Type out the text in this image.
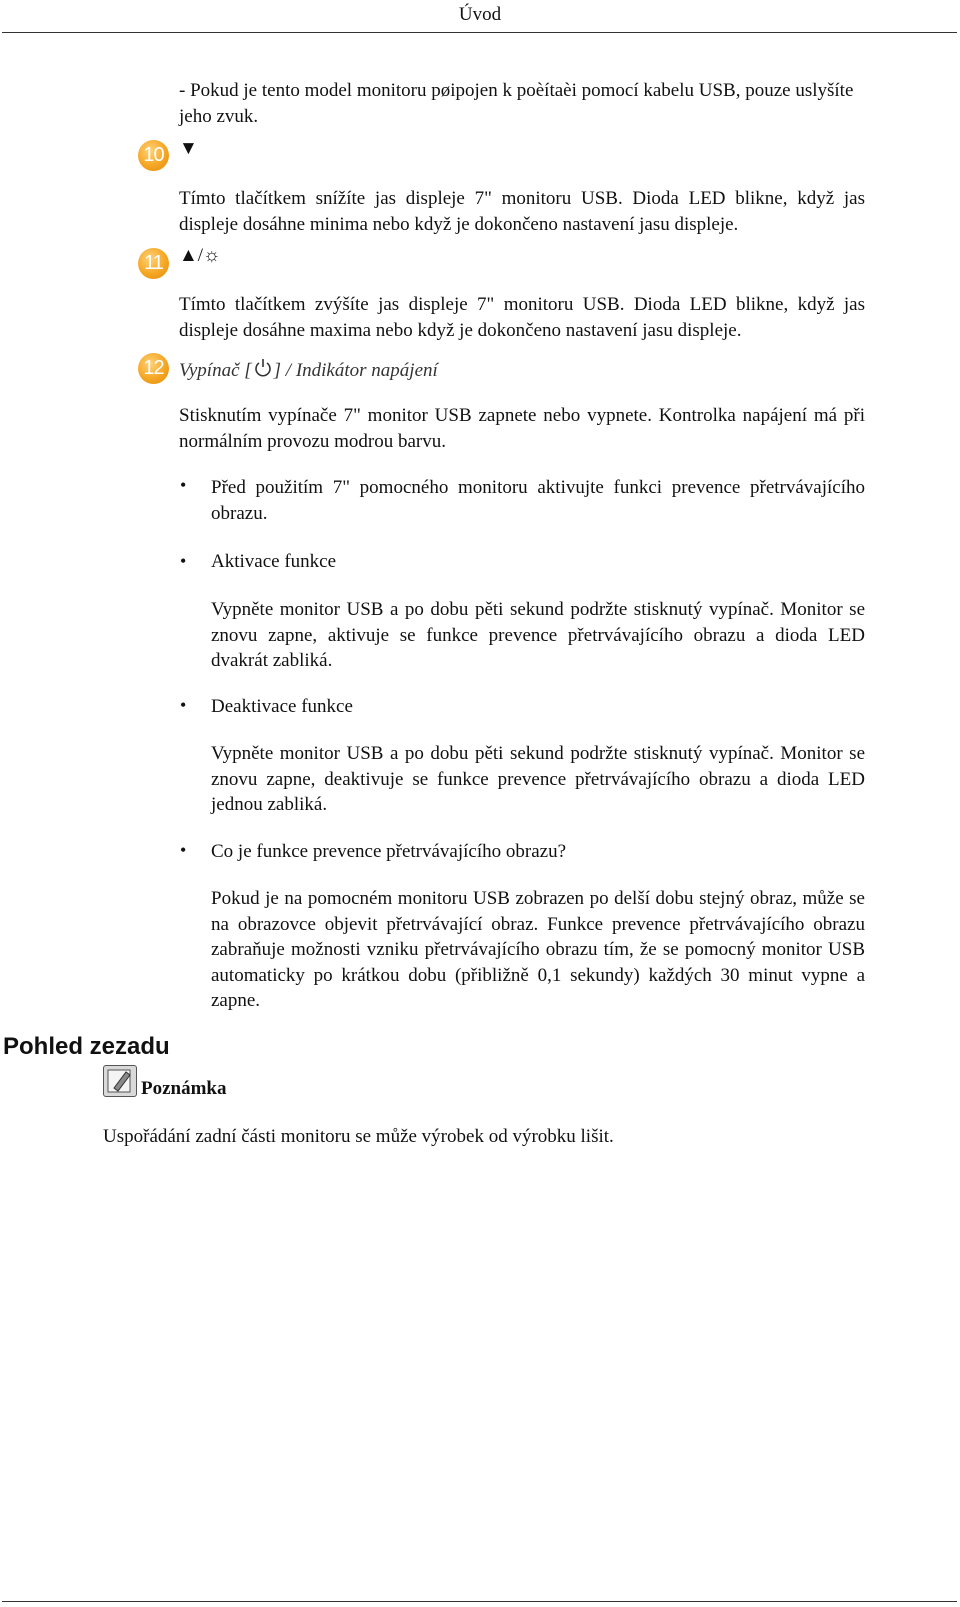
Úvod

- Pokud je tento model monitoru pøipojen k poèítaèi pomocí kabelu USB, pouze uslyšíte jeho zvuk.

10 ▼

Tímto tlačítkem snížíte jas displeje 7" monitoru USB. Dioda LED blikne, když jas displeje dosáhne minima nebo když je dokončeno nastavení jasu displeje.

11 ▲/☼

Tímto tlačítkem zvýšíte jas displeje 7" monitoru USB. Dioda LED blikne, když jas displeje dosáhne maxima nebo když je dokončeno nastavení jasu displeje.

12 Vypínač [ ] / Indikátor napájení

Stisknutím vypínače 7" monitor USB zapnete nebo vypnete. Kontrolka napájení má při normálním provozu modrou barvu.

• Před použitím 7" pomocného monitoru aktivujte funkci prevence přetrvávajícího obrazu.

• Aktivace funkce

Vypněte monitor USB a po dobu pěti sekund podržte stisknutý vypínač. Monitor se znovu zapne, aktivuje se funkce prevence přetrvávajícího obrazu a dioda LED dvakrát zabliká.

• Deaktivace funkce

Vypněte monitor USB a po dobu pěti sekund podržte stisknutý vypínač. Monitor se znovu zapne, deaktivuje se funkce prevence přetrvávajícího obrazu a dioda LED jednou zabliká.

• Co je funkce prevence přetrvávajícího obrazu?

Pokud je na pomocném monitoru USB zobrazen po delší dobu stejný obraz, může se na obrazovce objevit přetrvávající obraz. Funkce prevence přetrvávajícího obrazu zabraňuje možnosti vzniku přetrvávajícího obrazu tím, že se pomocný monitor USB automaticky po krátkou dobu (přibližně 0,1 sekundy) každých 30 minut vypne a zapne.

Pohled zezadu
Poznámka

Uspořádání zadní části monitoru se může výrobek od výrobku lišit.
